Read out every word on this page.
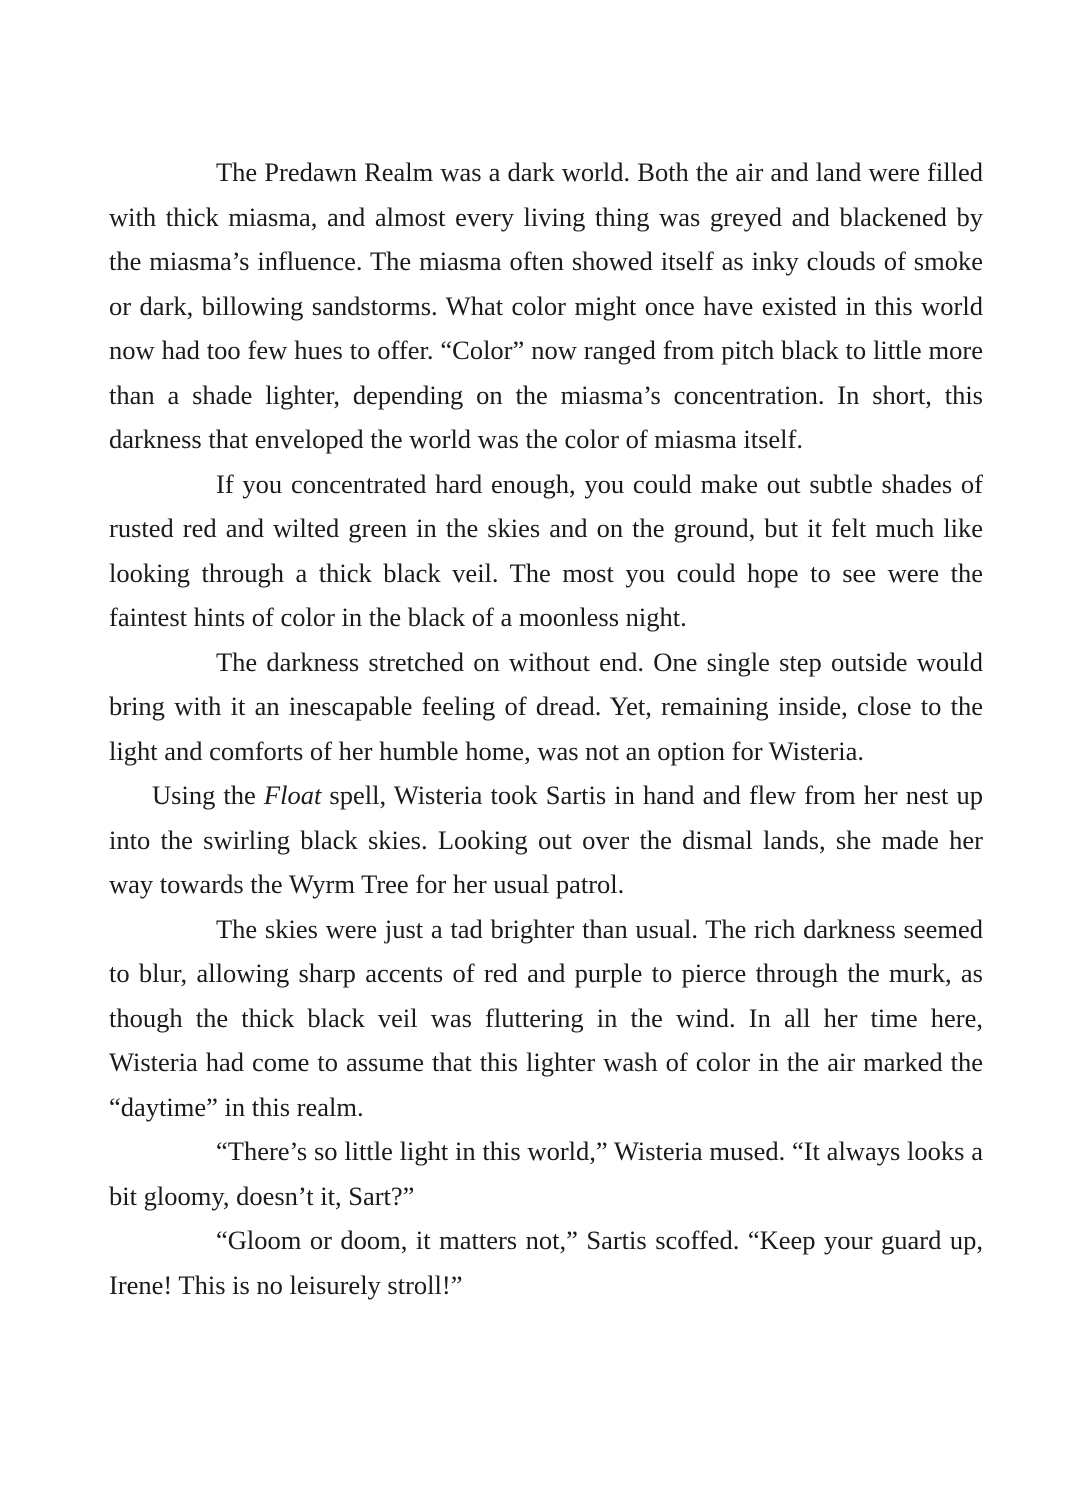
The Predawn Realm was a dark world. Both the air and land were filled with thick miasma, and almost every living thing was greyed and blackened by the miasma’s influence. The miasma often showed itself as inky clouds of smoke or dark, billowing sandstorms. What color might once have existed in this world now had too few hues to offer. “Color” now ranged from pitch black to little more than a shade lighter, depending on the miasma’s concentration. In short, this darkness that enveloped the world was the color of miasma itself.

If you concentrated hard enough, you could make out subtle shades of rusted red and wilted green in the skies and on the ground, but it felt much like looking through a thick black veil. The most you could hope to see were the faintest hints of color in the black of a moonless night.

The darkness stretched on without end. One single step outside would bring with it an inescapable feeling of dread. Yet, remaining inside, close to the light and comforts of her humble home, was not an option for Wisteria.

Using the Float spell, Wisteria took Sartis in hand and flew from her nest up into the swirling black skies. Looking out over the dismal lands, she made her way towards the Wyrm Tree for her usual patrol.

The skies were just a tad brighter than usual. The rich darkness seemed to blur, allowing sharp accents of red and purple to pierce through the murk, as though the thick black veil was fluttering in the wind. In all her time here, Wisteria had come to assume that this lighter wash of color in the air marked the “daytime” in this realm.

“There’s so little light in this world,” Wisteria mused. “It always looks a bit gloomy, doesn’t it, Sart?”

“Gloom or doom, it matters not,” Sartis scoffed. “Keep your guard up, Irene! This is no leisurely stroll!”
